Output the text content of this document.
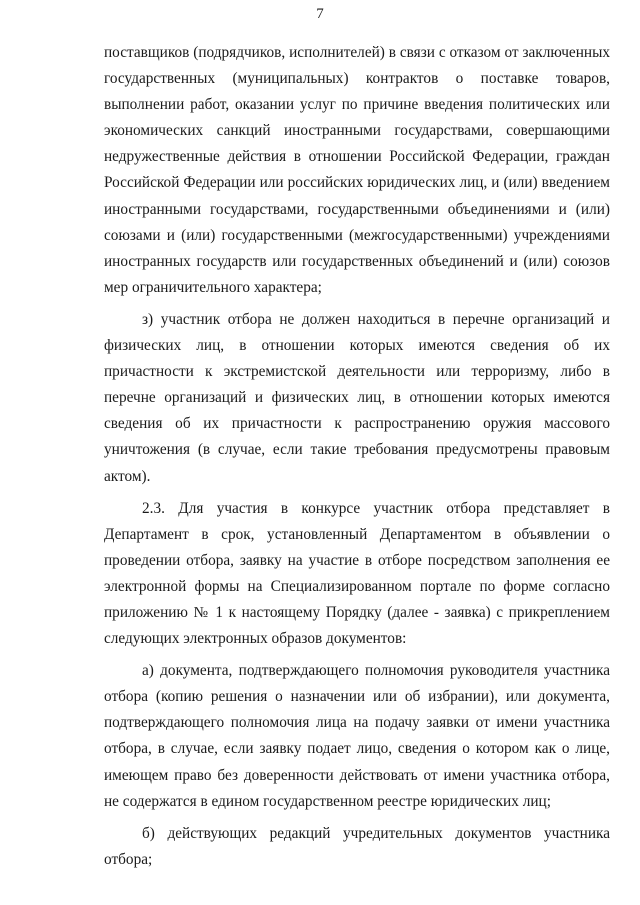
7

поставщиков (подрядчиков, исполнителей) в связи с отказом от заключенных государственных (муниципальных) контрактов о поставке товаров, выполнении работ, оказании услуг по причине введения политических или экономических санкций иностранными государствами, совершающими недружественные действия в отношении Российской Федерации, граждан Российской Федерации или российских юридических лиц, и (или) введением иностранными государствами, государственными объединениями и (или) союзами и (или) государственными (межгосударственными) учреждениями иностранных государств или государственных объединений и (или) союзов мер ограничительного характера;

з) участник отбора не должен находиться в перечне организаций и физических лиц, в отношении которых имеются сведения об их причастности к экстремистской деятельности или терроризму, либо в перечне организаций и физических лиц, в отношении которых имеются сведения об их причастности к распространению оружия массового уничтожения (в случае, если такие требования предусмотрены правовым актом).

2.3. Для участия в конкурсе участник отбора представляет в Департамент в срок, установленный Департаментом в объявлении о проведении отбора, заявку на участие в отборе посредством заполнения ее электронной формы на Специализированном портале по форме согласно приложению № 1 к настоящему Порядку (далее - заявка) с прикреплением следующих электронных образов документов:

а) документа, подтверждающего полномочия руководителя участника отбора (копию решения о назначении или об избрании), или документа, подтверждающего полномочия лица на подачу заявки от имени участника отбора, в случае, если заявку подает лицо, сведения о котором как о лице, имеющем право без доверенности действовать от имени участника отбора, не содержатся в едином государственном реестре юридических лиц;

б) действующих редакций учредительных документов участника отбора;
